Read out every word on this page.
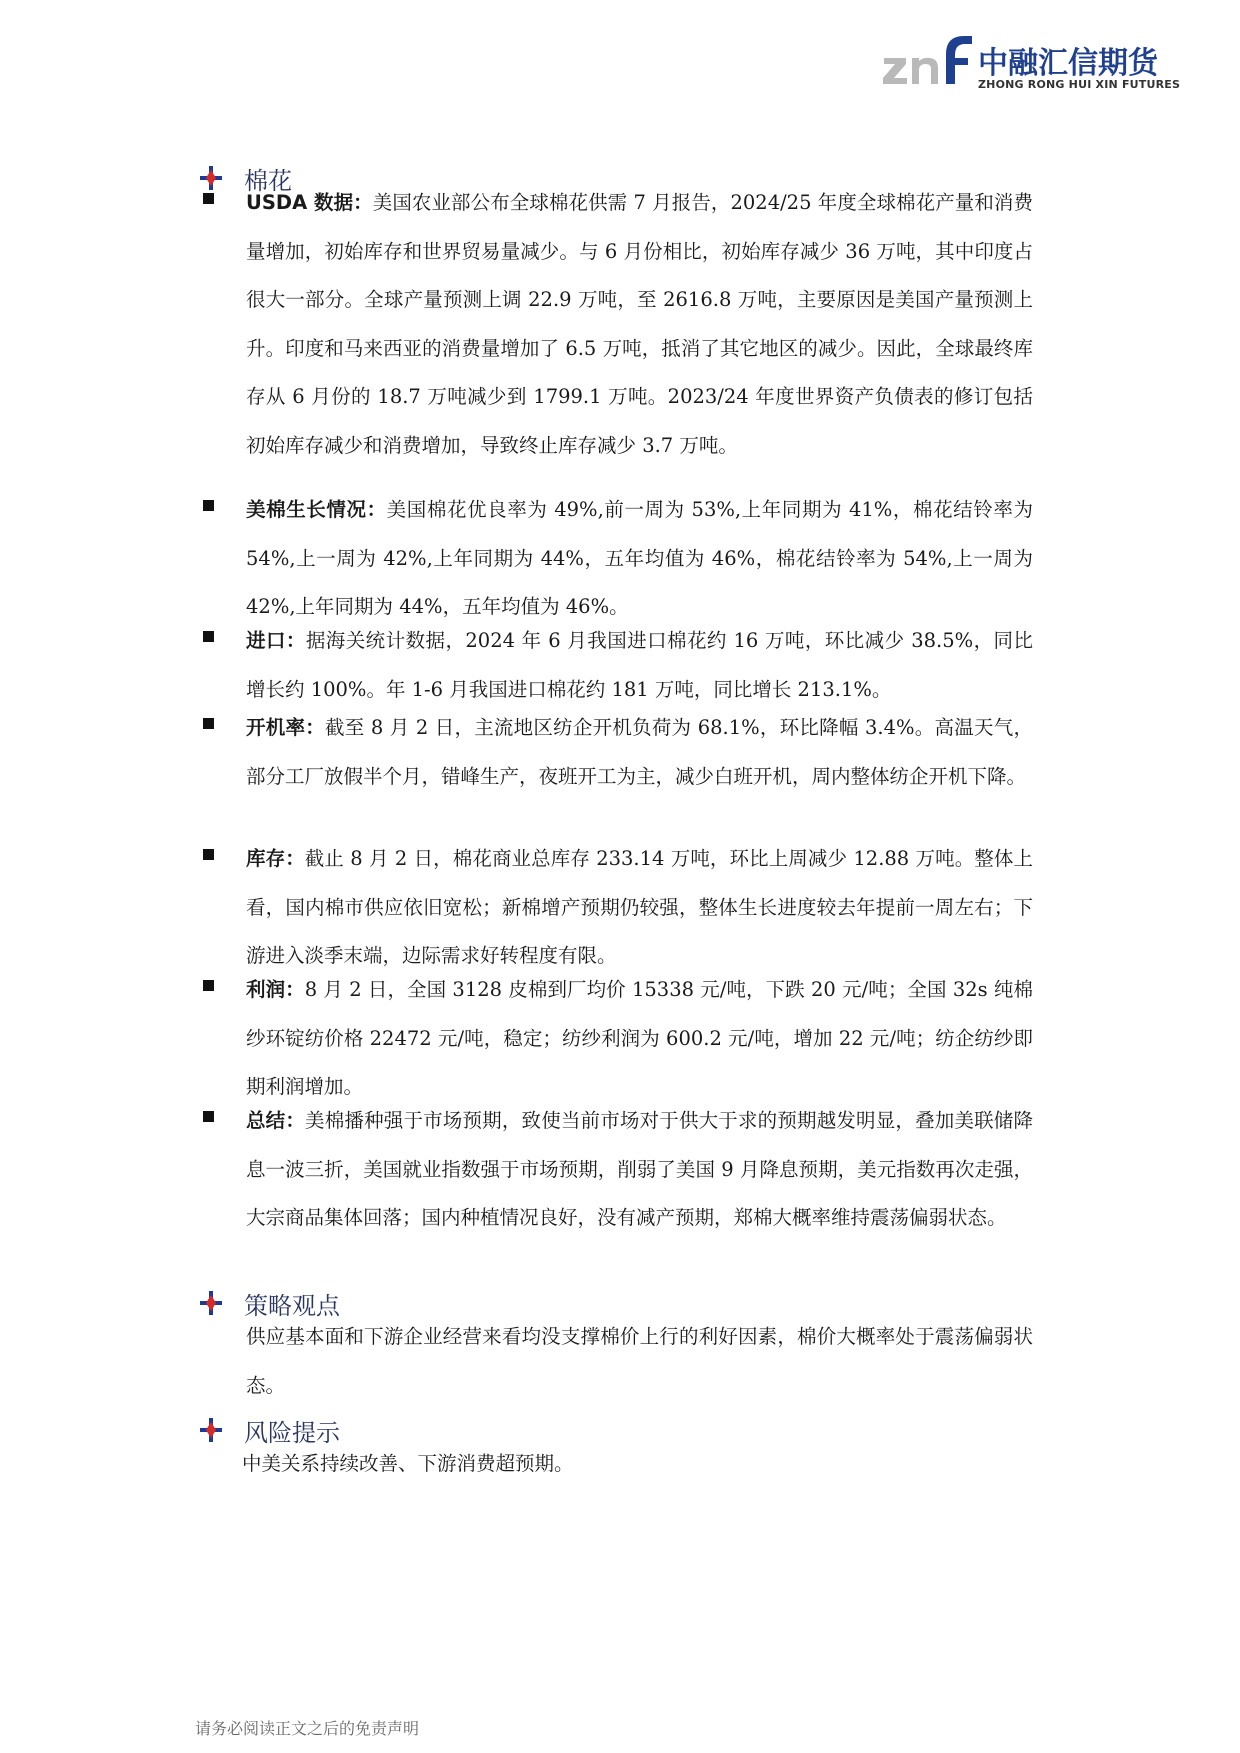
中融汇信期货
ZHONG RONG HUI XIN FUTURES
棉花

USDA 数据：美国农业部公布全球棉花供需 7 月报告，2024/25 年度全球棉花产量和消费量增加，初始库存和世界贸易量减少。与 6 月份相比，初始库存减少 36 万吨，其中印度占很大一部分。全球产量预测上调 22.9 万吨，至 2616.8 万吨，主要原因是美国产量预测上升。印度和马来西亚的消费量增加了 6.5 万吨，抵消了其它地区的减少。因此，全球最终库存从 6 月份的 18.7 万吨减少到 1799.1 万吨。2023/24 年度世界资产负债表的修订包括初始库存减少和消费增加，导致终止库存减少 3.7 万吨。

美棉生长情况：美国棉花优良率为 49%,前一周为 53%,上年同期为 41%，棉花结铃率为 54%,上一周为 42%,上年同期为 44%，五年均值为 46%，棉花结铃率为 54%,上一周为 42%,上年同期为 44%，五年均值为 46%。

进口：据海关统计数据，2024 年 6 月我国进口棉花约 16 万吨，环比减少 38.5%，同比增长约 100%。年 1-6 月我国进口棉花约 181 万吨，同比增长 213.1%。

开机率：截至 8 月 2 日，主流地区纺企开机负荷为 68.1%，环比降幅 3.4%。高温天气，部分工厂放假半个月，错峰生产，夜班开工为主，减少白班开机，周内整体纺企开机下降。

库存：截止 8 月 2 日，棉花商业总库存 233.14 万吨，环比上周减少 12.88 万吨。整体上看，国内棉市供应依旧宽松；新棉增产预期仍较强，整体生长进度较去年提前一周左右；下游进入淡季末端，边际需求好转程度有限。

利润：8 月 2 日，全国 3128 皮棉到厂均价 15338 元/吨，下跌 20 元/吨；全国 32s 纯棉纱环锭纺价格 22472 元/吨，稳定；纺纱利润为 600.2 元/吨，增加 22 元/吨；纺企纺纱即期利润增加。

总结：美棉播种强于市场预期，致使当前市场对于供大于求的预期越发明显，叠加美联储降息一波三折，美国就业指数强于市场预期，削弱了美国 9 月降息预期，美元指数再次走强，大宗商品集体回落；国内种植情况良好，没有减产预期，郑棉大概率维持震荡偏弱状态。

策略观点

供应基本面和下游企业经营来看均没支撑棉价上行的利好因素，棉价大概率处于震荡偏弱状态。

风险提示

中美关系持续改善、下游消费超预期。

请务必阅读正文之后的免责声明
